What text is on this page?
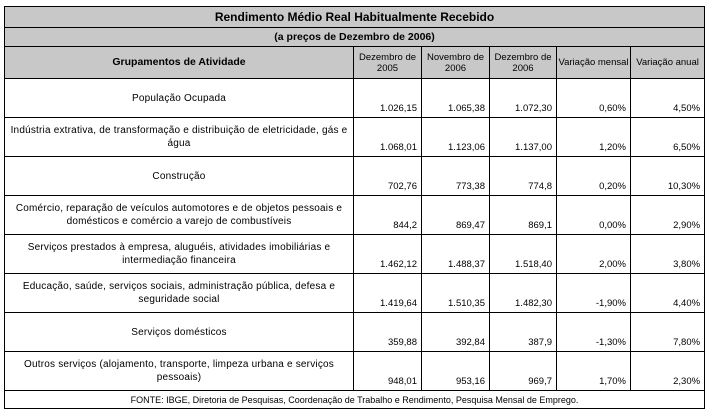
Rendimento Médio Real Habitualmente Recebido					
(a preços de Dezembro de 2006)					
Grupamentos de Atividade	Dezembro de 2005	Novembro de 2006	Dezembro de 2006	Variação mensal	Variação anual
População Ocupada	1.026,15	1.065,38	1.072,30	0,60%	4,50%
Indústria extrativa, de transformação e distribuição de eletricidade, gás e água	1.068,01	1.123,06	1.137,00	1,20%	6,50%
Construção	702,76	773,38	774,8	0,20%	10,30%
Comércio, reparação de veículos automotores e de objetos pessoais e domésticos e comércio a varejo de combustíveis	844,2	869,47	869,1	0,00%	2,90%
Serviços prestados à empresa, aluguéis, atividades imobiliárias e intermediação financeira	1.462,12	1.488,37	1.518,40	2,00%	3,80%
Educação, saúde, serviços sociais, administração pública, defesa e seguridade social	1.419,64	1.510,35	1.482,30	-1,90%	4,40%
Serviços domésticos	359,88	392,84	387,9	-1,30%	7,80%
Outros serviços (alojamento, transporte, limpeza urbana e serviços pessoais)	948,01	953,16	969,7	1,70%	2,30%
FONTE: IBGE, Diretoria de Pesquisas, Coordenação de Trabalho e Rendimento, Pesquisa Mensal de Emprego.					
